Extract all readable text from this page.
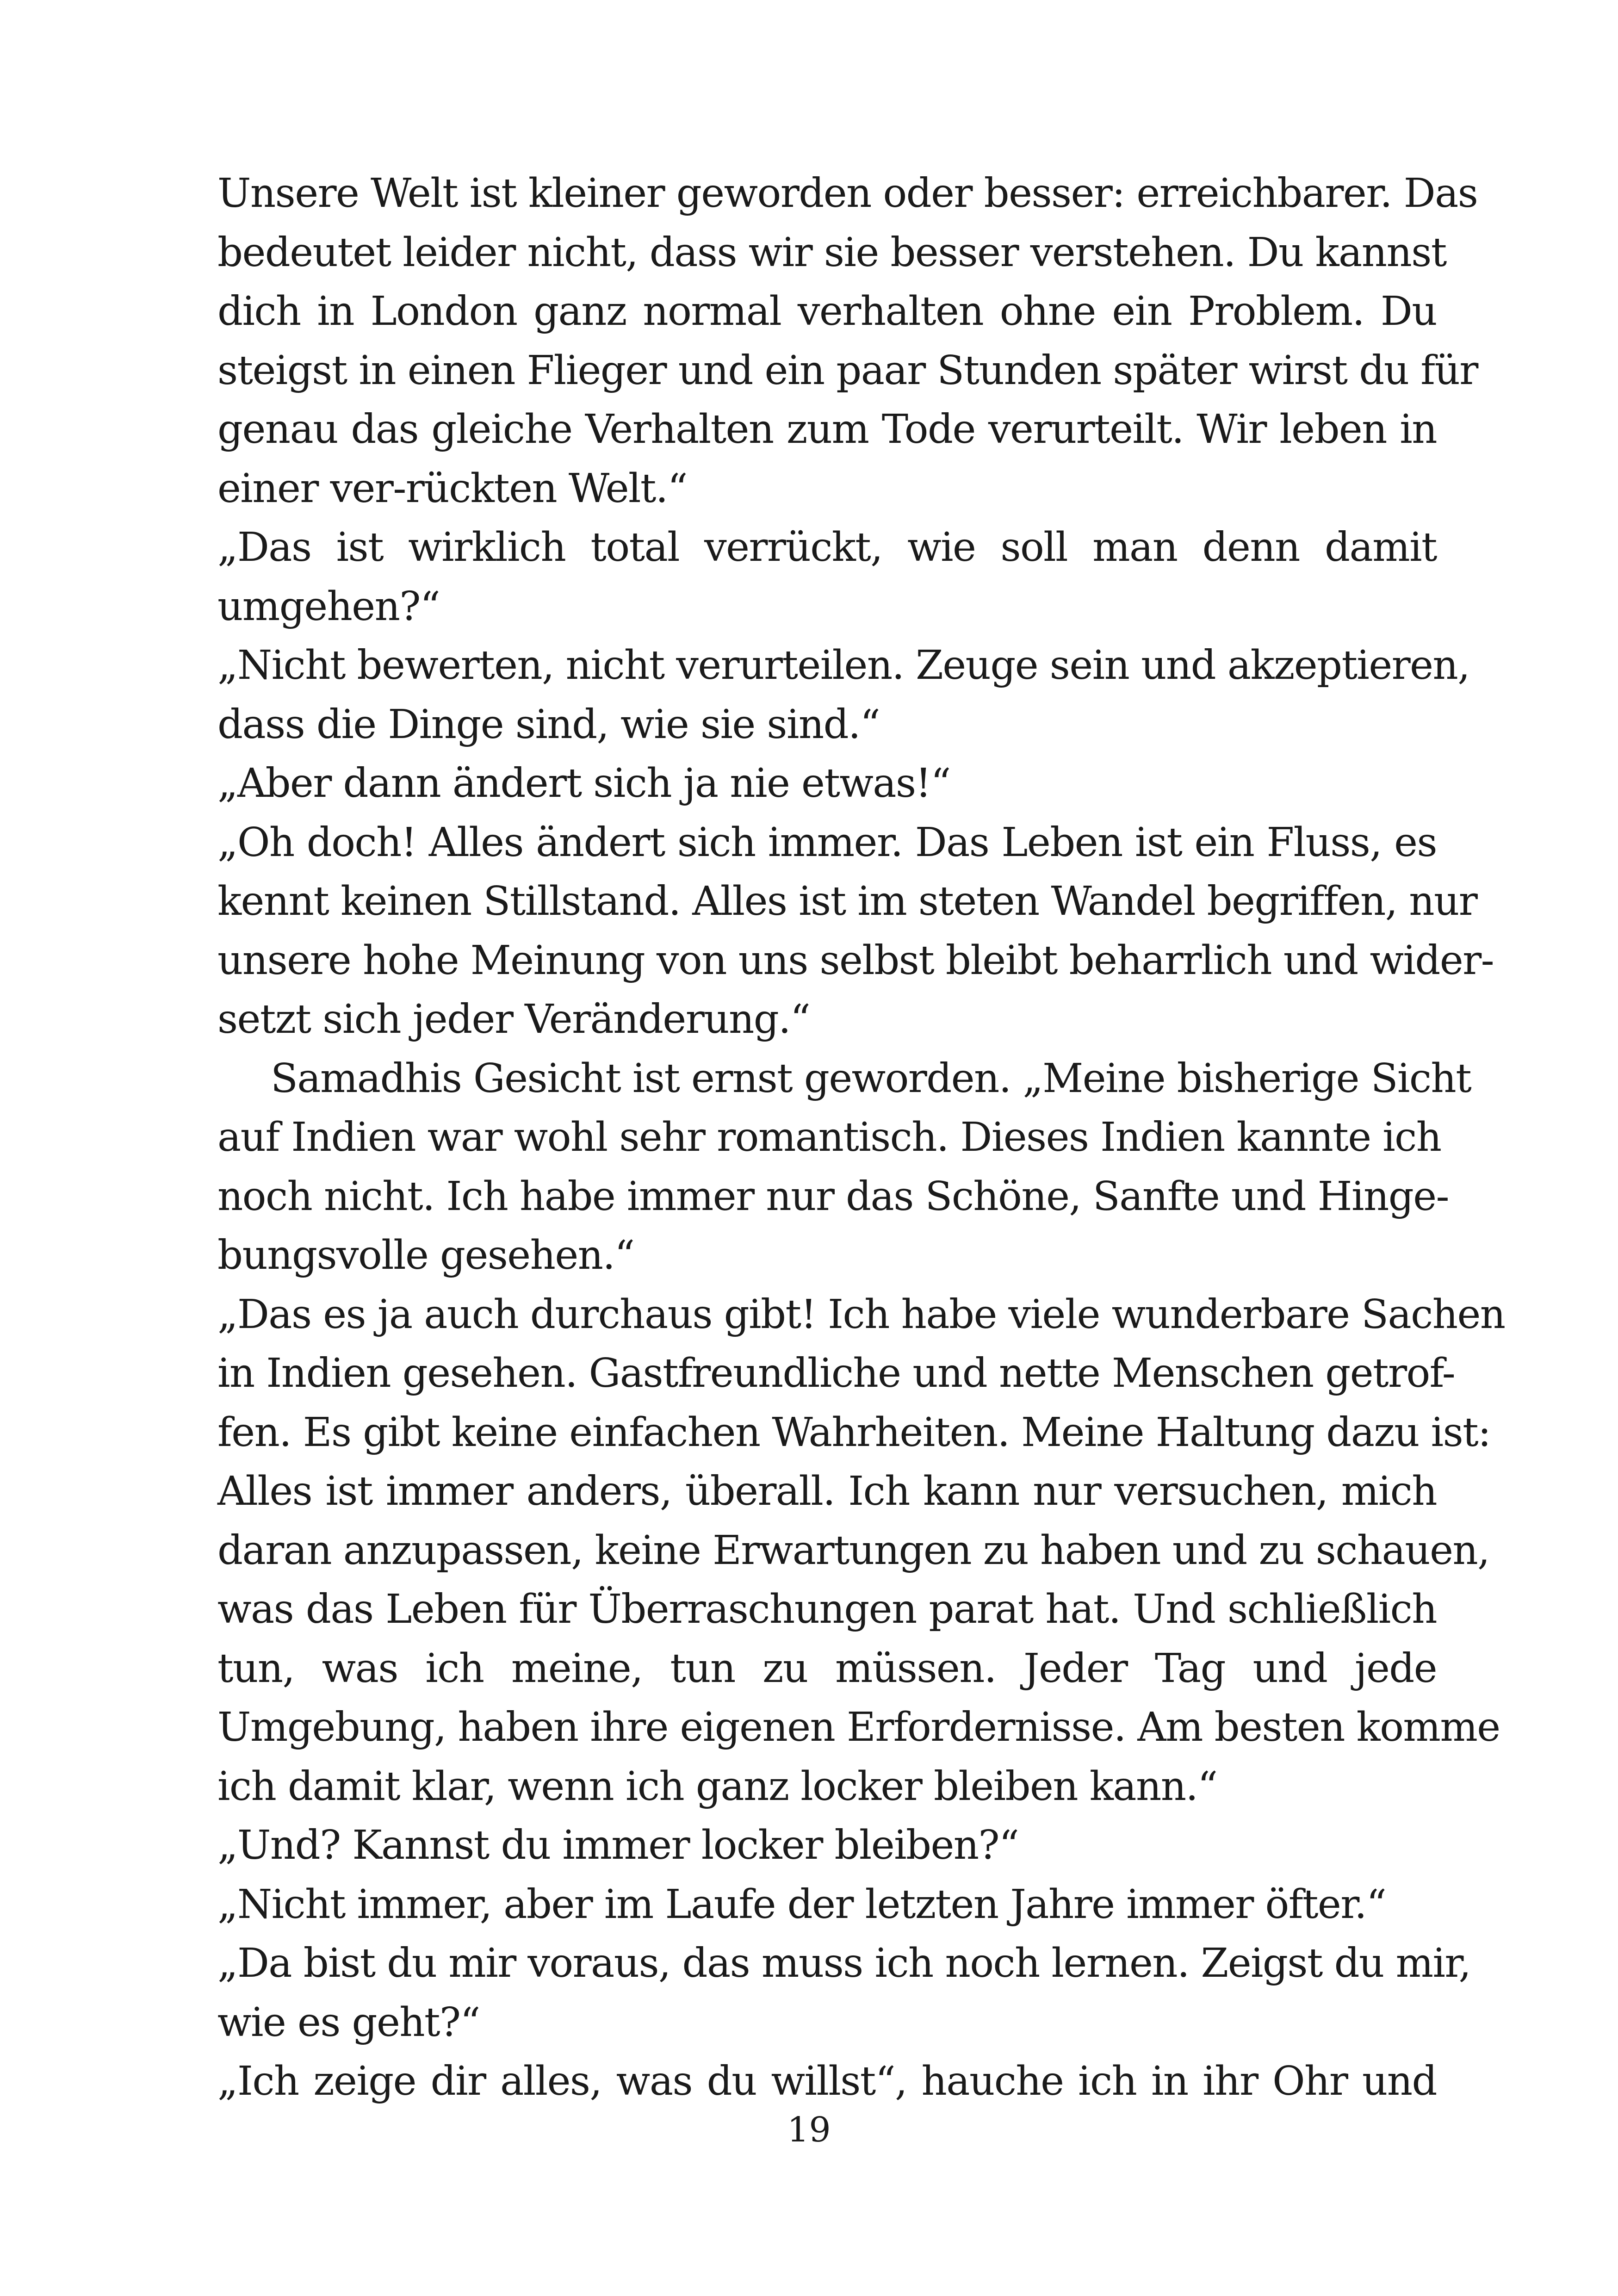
Unsere Welt ist kleiner geworden oder besser: erreichbarer. Das
bedeutet leider nicht, dass wir sie besser verstehen. Du kannst
dich in London ganz normal verhalten ohne ein Problem. Du
steigst in einen Flieger und ein paar Stunden später wirst du für
genau das gleiche Verhalten zum Tode verurteilt. Wir leben in
einer ver-rückten Welt.“
„Das ist wirklich total verrückt, wie soll man denn damit
umgehen?“
„Nicht bewerten, nicht verurteilen. Zeuge sein und akzeptieren,
dass die Dinge sind, wie sie sind.“
„Aber dann ändert sich ja nie etwas!“
„Oh doch! Alles ändert sich immer. Das Leben ist ein Fluss, es
kennt keinen Stillstand. Alles ist im steten Wandel begriffen, nur
unsere hohe Meinung von uns selbst bleibt beharrlich und wider-
setzt sich jeder Veränderung.“
Samadhis Gesicht ist ernst geworden. „Meine bisherige Sicht
auf Indien war wohl sehr romantisch. Dieses Indien kannte ich
noch nicht. Ich habe immer nur das Schöne, Sanfte und Hinge-
bungsvolle gesehen.“
„Das es ja auch durchaus gibt! Ich habe viele wunderbare Sachen
in Indien gesehen. Gastfreundliche und nette Menschen getrof-
fen. Es gibt keine einfachen Wahrheiten. Meine Haltung dazu ist:
Alles ist immer anders, überall. Ich kann nur versuchen, mich
daran anzupassen, keine Erwartungen zu haben und zu schauen,
was das Leben für Überraschungen parat hat. Und schließlich
tun, was ich meine, tun zu müssen. Jeder Tag und jede
Umgebung, haben ihre eigenen Erfordernisse. Am besten komme
ich damit klar, wenn ich ganz locker bleiben kann.“
„Und? Kannst du immer locker bleiben?“
„Nicht immer, aber im Laufe der letzten Jahre immer öfter.“
„Da bist du mir voraus, das muss ich noch lernen. Zeigst du mir,
wie es geht?“
„Ich zeige dir alles, was du willst“, hauche ich in ihr Ohr und
19
